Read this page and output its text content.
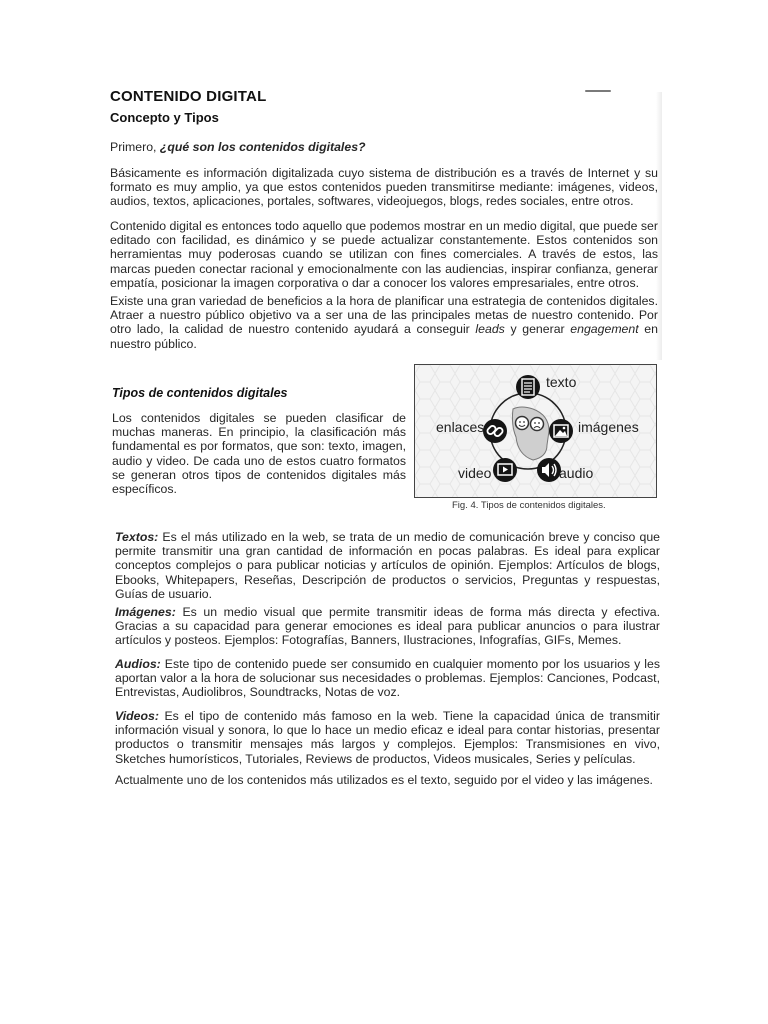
CONTENIDO DIGITAL
Concepto y Tipos

Primero, ¿qué son los contenidos digitales?

Básicamente es información digitalizada cuyo sistema de distribución es a través de Internet y su formato es muy amplio, ya que estos contenidos pueden transmitirse mediante: imágenes, videos, audios, textos, aplicaciones, portales, softwares, videojuegos, blogs, redes sociales, entre otros.

Contenido digital es entonces todo aquello que podemos mostrar en un medio digital, que puede ser editado con facilidad, es dinámico y se puede actualizar constantemente. Estos contenidos son herramientas muy poderosas cuando se utilizan con fines comerciales. A través de estos, las marcas pueden conectar racional y emocionalmente con las audiencias, inspirar confianza, generar empatía, posicionar la imagen corporativa o dar a conocer los valores empresariales, entre otros.

Existe una gran variedad de beneficios a la hora de planificar una estrategia de contenidos digitales. Atraer a nuestro público objetivo va a ser una de las principales metas de nuestro contenido. Por otro lado, la calidad de nuestro contenido ayudará a conseguir leads y generar engagement en nuestro público.

Tipos de contenidos digitales

Los contenidos digitales se pueden clasificar de muchas maneras. En principio, la clasificación más fundamental es por formatos, que son: texto, imagen, audio y video. De cada uno de estos cuatro formatos se generan otros tipos de contenidos digitales más específicos.

texto

enlaces	imágenes

video	audio

Fig. 4. Tipos de contenidos digitales.

Textos: Es el más utilizado en la web, se trata de un medio de comunicación breve y conciso que permite transmitir una gran cantidad de información en pocas palabras. Es ideal para explicar conceptos complejos o para publicar noticias y artículos de opinión. Ejemplos: Artículos de blogs, Ebooks, Whitepapers, Reseñas, Descripción de productos o servicios, Preguntas y respuestas, Guías de usuario.

Imágenes: Es un medio visual que permite transmitir ideas de forma más directa y efectiva. Gracias a su capacidad para generar emociones es ideal para publicar anuncios o para ilustrar artículos y posteos. Ejemplos: Fotografías, Banners, Ilustraciones, Infografías, GIFs, Memes.

Audios: Este tipo de contenido puede ser consumido en cualquier momento por los usuarios y les aportan valor a la hora de solucionar sus necesidades o problemas. Ejemplos: Canciones, Podcast, Entrevistas, Audiolibros, Soundtracks, Notas de voz.

Videos: Es el tipo de contenido más famoso en la web. Tiene la capacidad única de transmitir información visual y sonora, lo que lo hace un medio eficaz e ideal para contar historias, presentar productos o transmitir mensajes más largos y complejos. Ejemplos: Transmisiones en vivo, Sketches humorísticos, Tutoriales, Reviews de productos, Videos musicales, Series y películas.

Actualmente uno de los contenidos más utilizados es el texto, seguido por el video y las imágenes.
